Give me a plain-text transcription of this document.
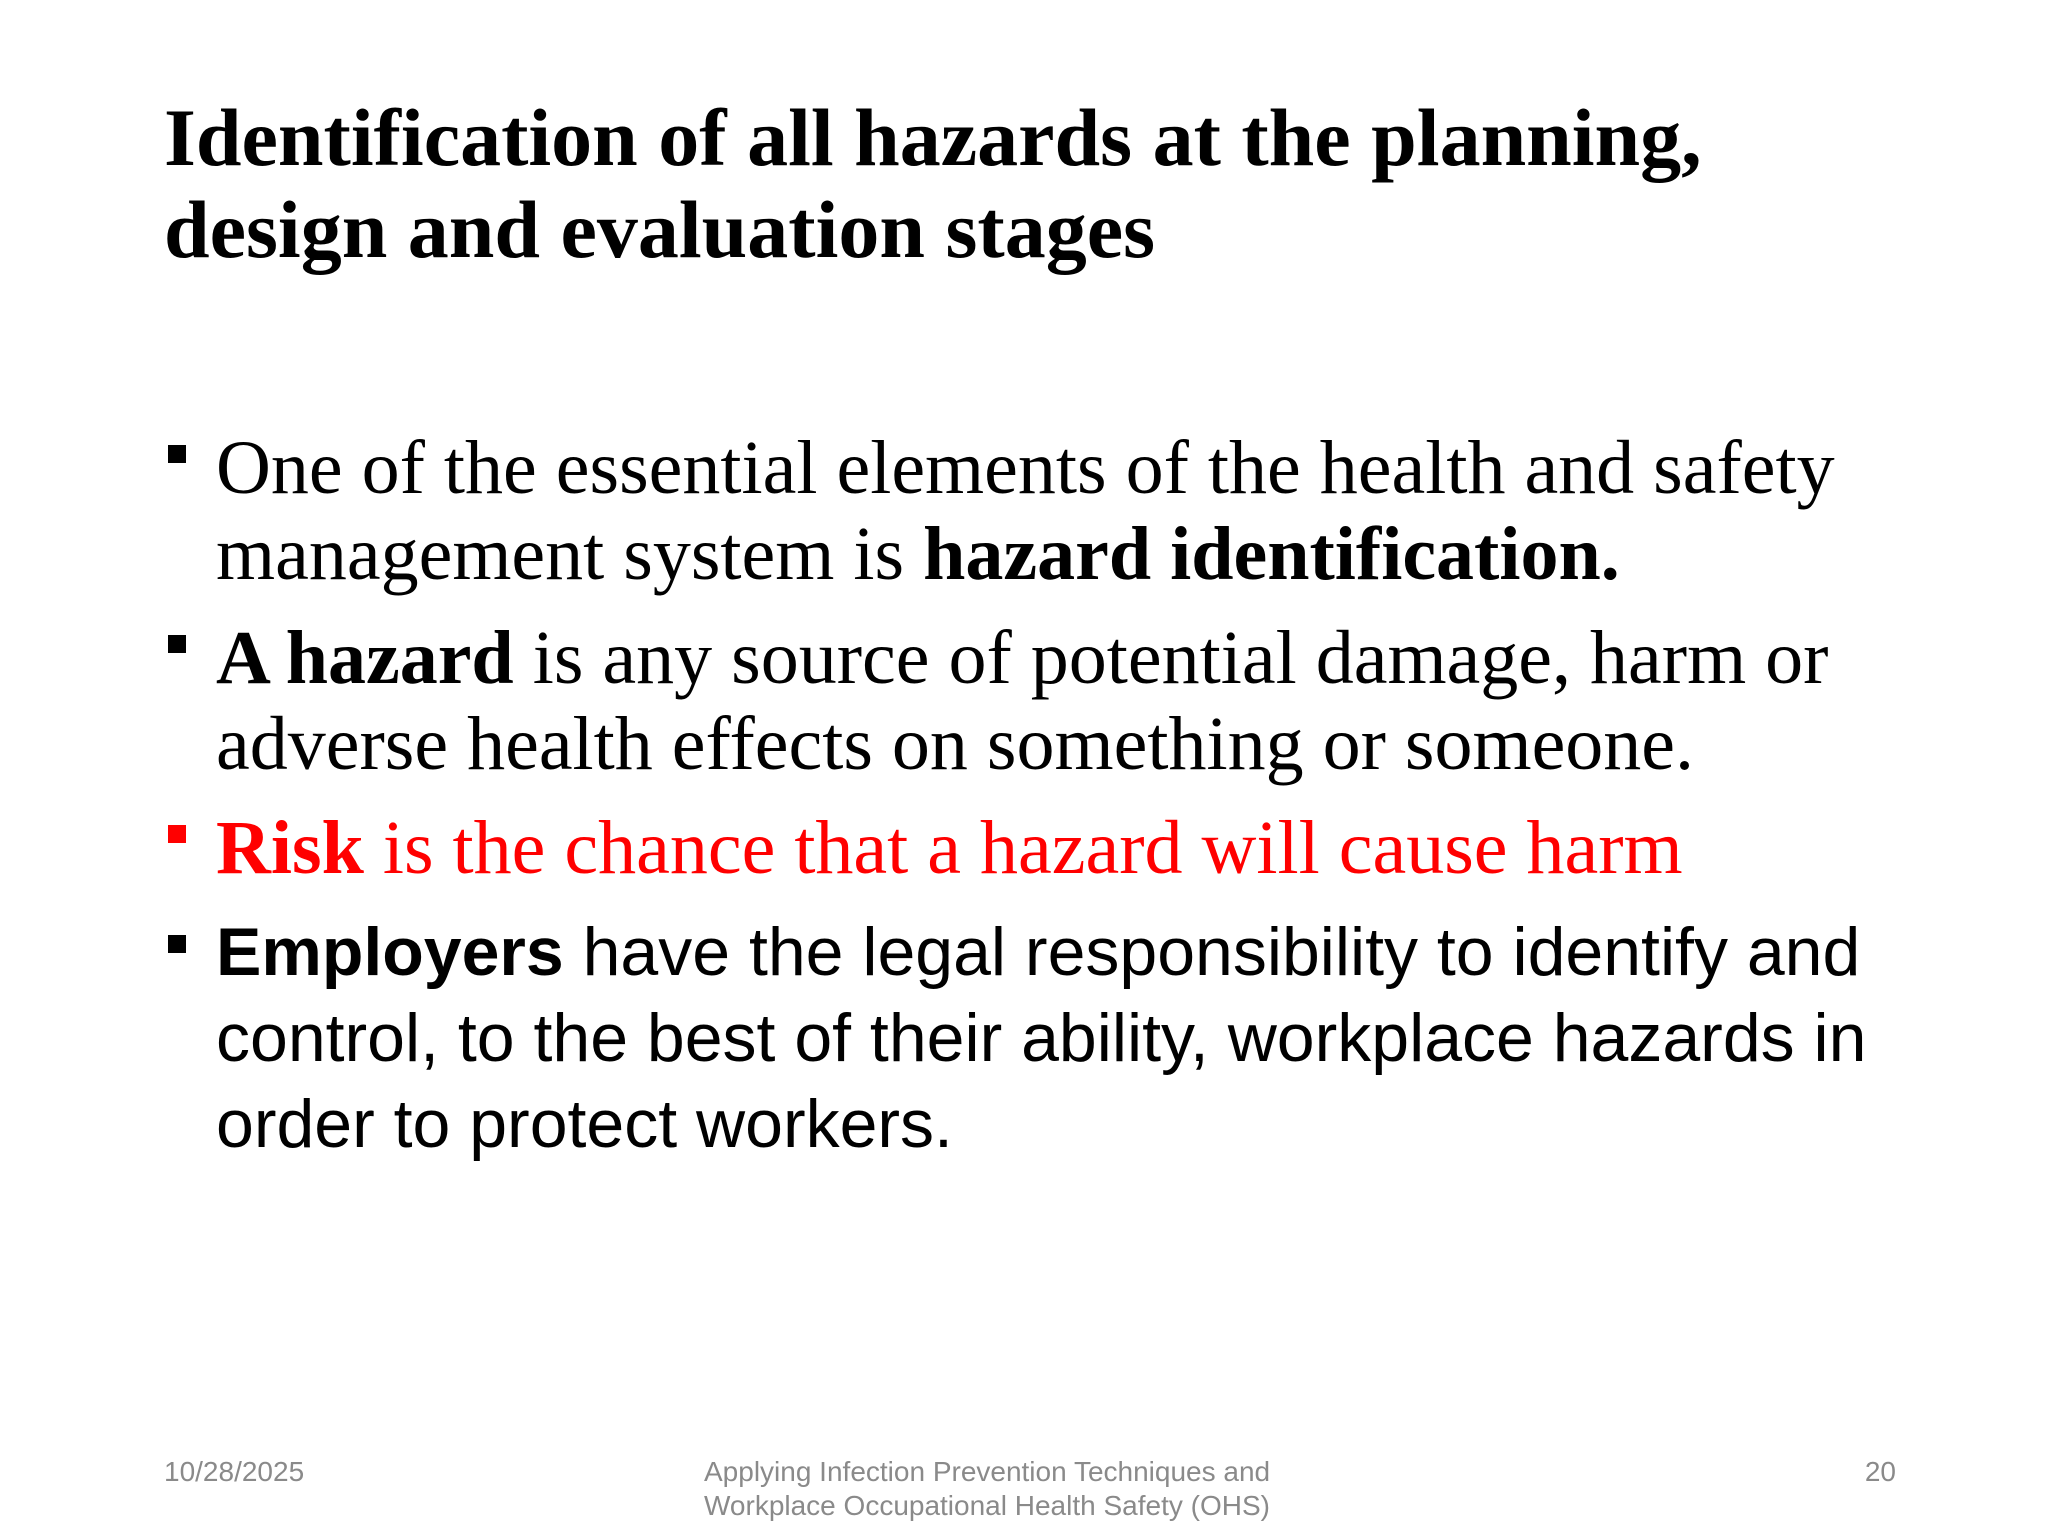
Identification of all hazards at the planning, design and evaluation stages
One of the essential elements of the health and safety management system is hazard identification.
A hazard is any source of potential damage, harm or adverse health effects on something or someone.
Risk is the chance that a hazard will cause harm
Employers have the legal responsibility to identify and control, to the best of their ability, workplace hazards in order to protect workers.
10/28/2025	Applying Infection Prevention Techniques and Workplace Occupational Health Safety (OHS)
20
